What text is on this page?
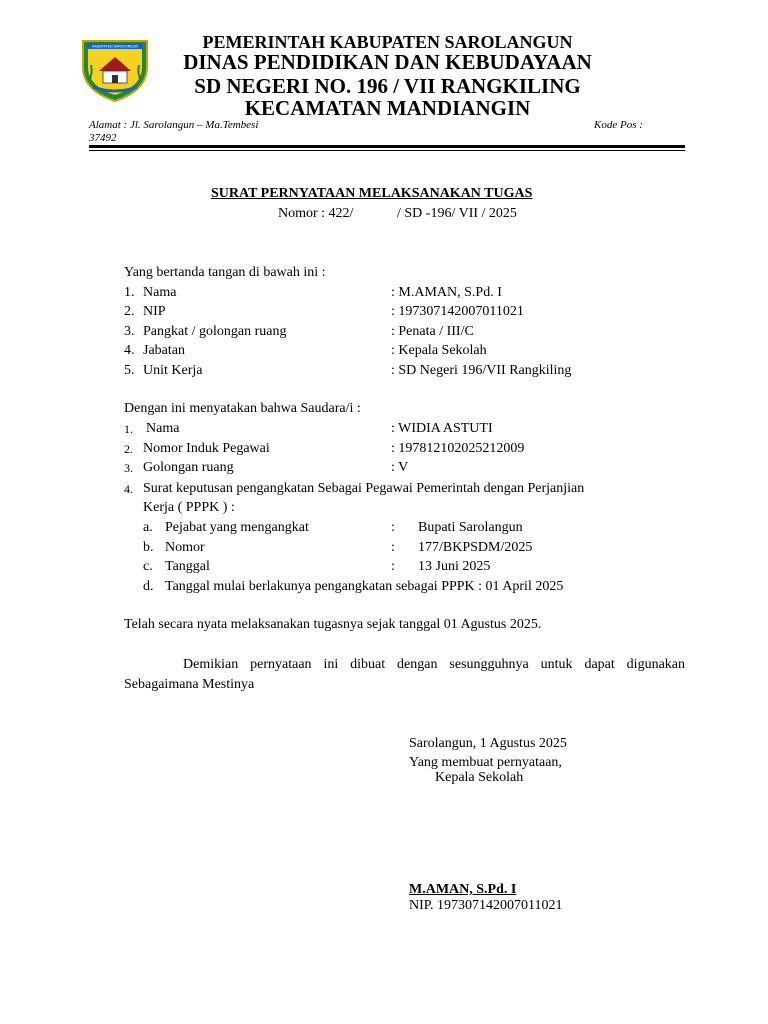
KABUPATEN SAROLANGUN	PEMERINTAH KABUPATEN SAROLANGUN
DINAS PENDIDIKAN DAN KEBUDAYAAN
SD NEGERI NO. 196 / VII RANGKILING
KECAMATAN MANDIANGIN
Alamat : Jl. Sarolangun – Ma.Tembesi	Kode Pos :
37492
SURAT PERNYATAAN MELAKSANAKAN TUGAS
Nomor : 422/	/ SD -196/ VII / 2025
Yang bertanda tangan di bawah ini :
1. Nama	: M.AMAN, S.Pd. I
2. NIP	: 197307142007011021
3. Pangkat / golongan ruang	: Penata / III/C
4. Jabatan	: Kepala Sekolah
5. Unit Kerja	: SD Negeri 196/VII Rangkiling
Dengan ini menyatakan bahwa Saudara/i :
1. Nama	: WIDIA ASTUTI
2. Nomor Induk Pegawai	: 197812102025212009
3. Golongan ruang	: V
4. Surat keputusan pengangkatan Sebagai Pegawai Pemerintah dengan Perjanjian
Kerja ( PPPK ) :
a. Pejabat yang mengangkat	: Bupati Sarolangun
b. Nomor	: 177/BKPSDM/2025
c. Tanggal	: 13 Juni 2025
d. Tanggal mulai berlakunya pengangkatan sebagai PPPK : 01 April 2025
Telah secara nyata melaksanakan tugasnya sejak tanggal 01 Agustus 2025.
Demikian pernyataan ini dibuat dengan sesungguhnya untuk dapat digunakan
Sebagaimana Mestinya
Sarolangun, 1 Agustus 2025
Yang membuat pernyataan,
Kepala Sekolah
M.AMAN, S.Pd. I
NIP. 197307142007011021
